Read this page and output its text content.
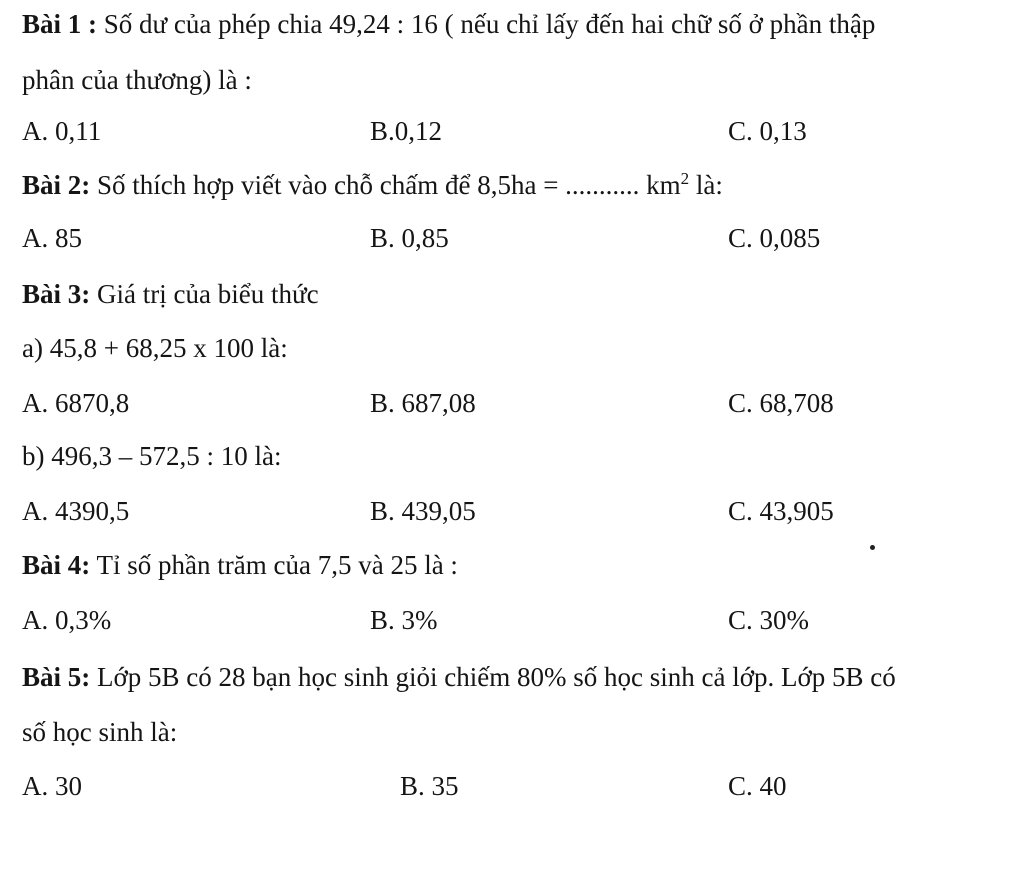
Bài 1 : Số dư của phép chia 49,24 : 16 ( nếu chỉ lấy đến hai chữ số ở phần thập
phân của thương) là :
A. 0,11	B.0,12	C. 0,13
Bài 2: Số thích hợp viết vào chỗ chấm để 8,5ha = ........... $km^2$ là:
A. 85	B. 0,85	C. 0,085
Bài 3: Giá trị của biểu thức
a) 45,8 + 68,25 x 100 là:
A. 6870,8	B. 687,08	C. 68,708
b) 496,3 – 572,5 : 10 là:
A. 4390,5	B. 439,05	C. 43,905
Bài 4: Tỉ số phần trăm của 7,5 và 25 là :
A. 0,3%	B. 3%	C. 30%
Bài 5: Lớp 5B có 28 bạn học sinh giỏi chiếm 80% số học sinh cả lớp. Lớp 5B có
số học sinh là:
A. 30	B. 35	C. 40
